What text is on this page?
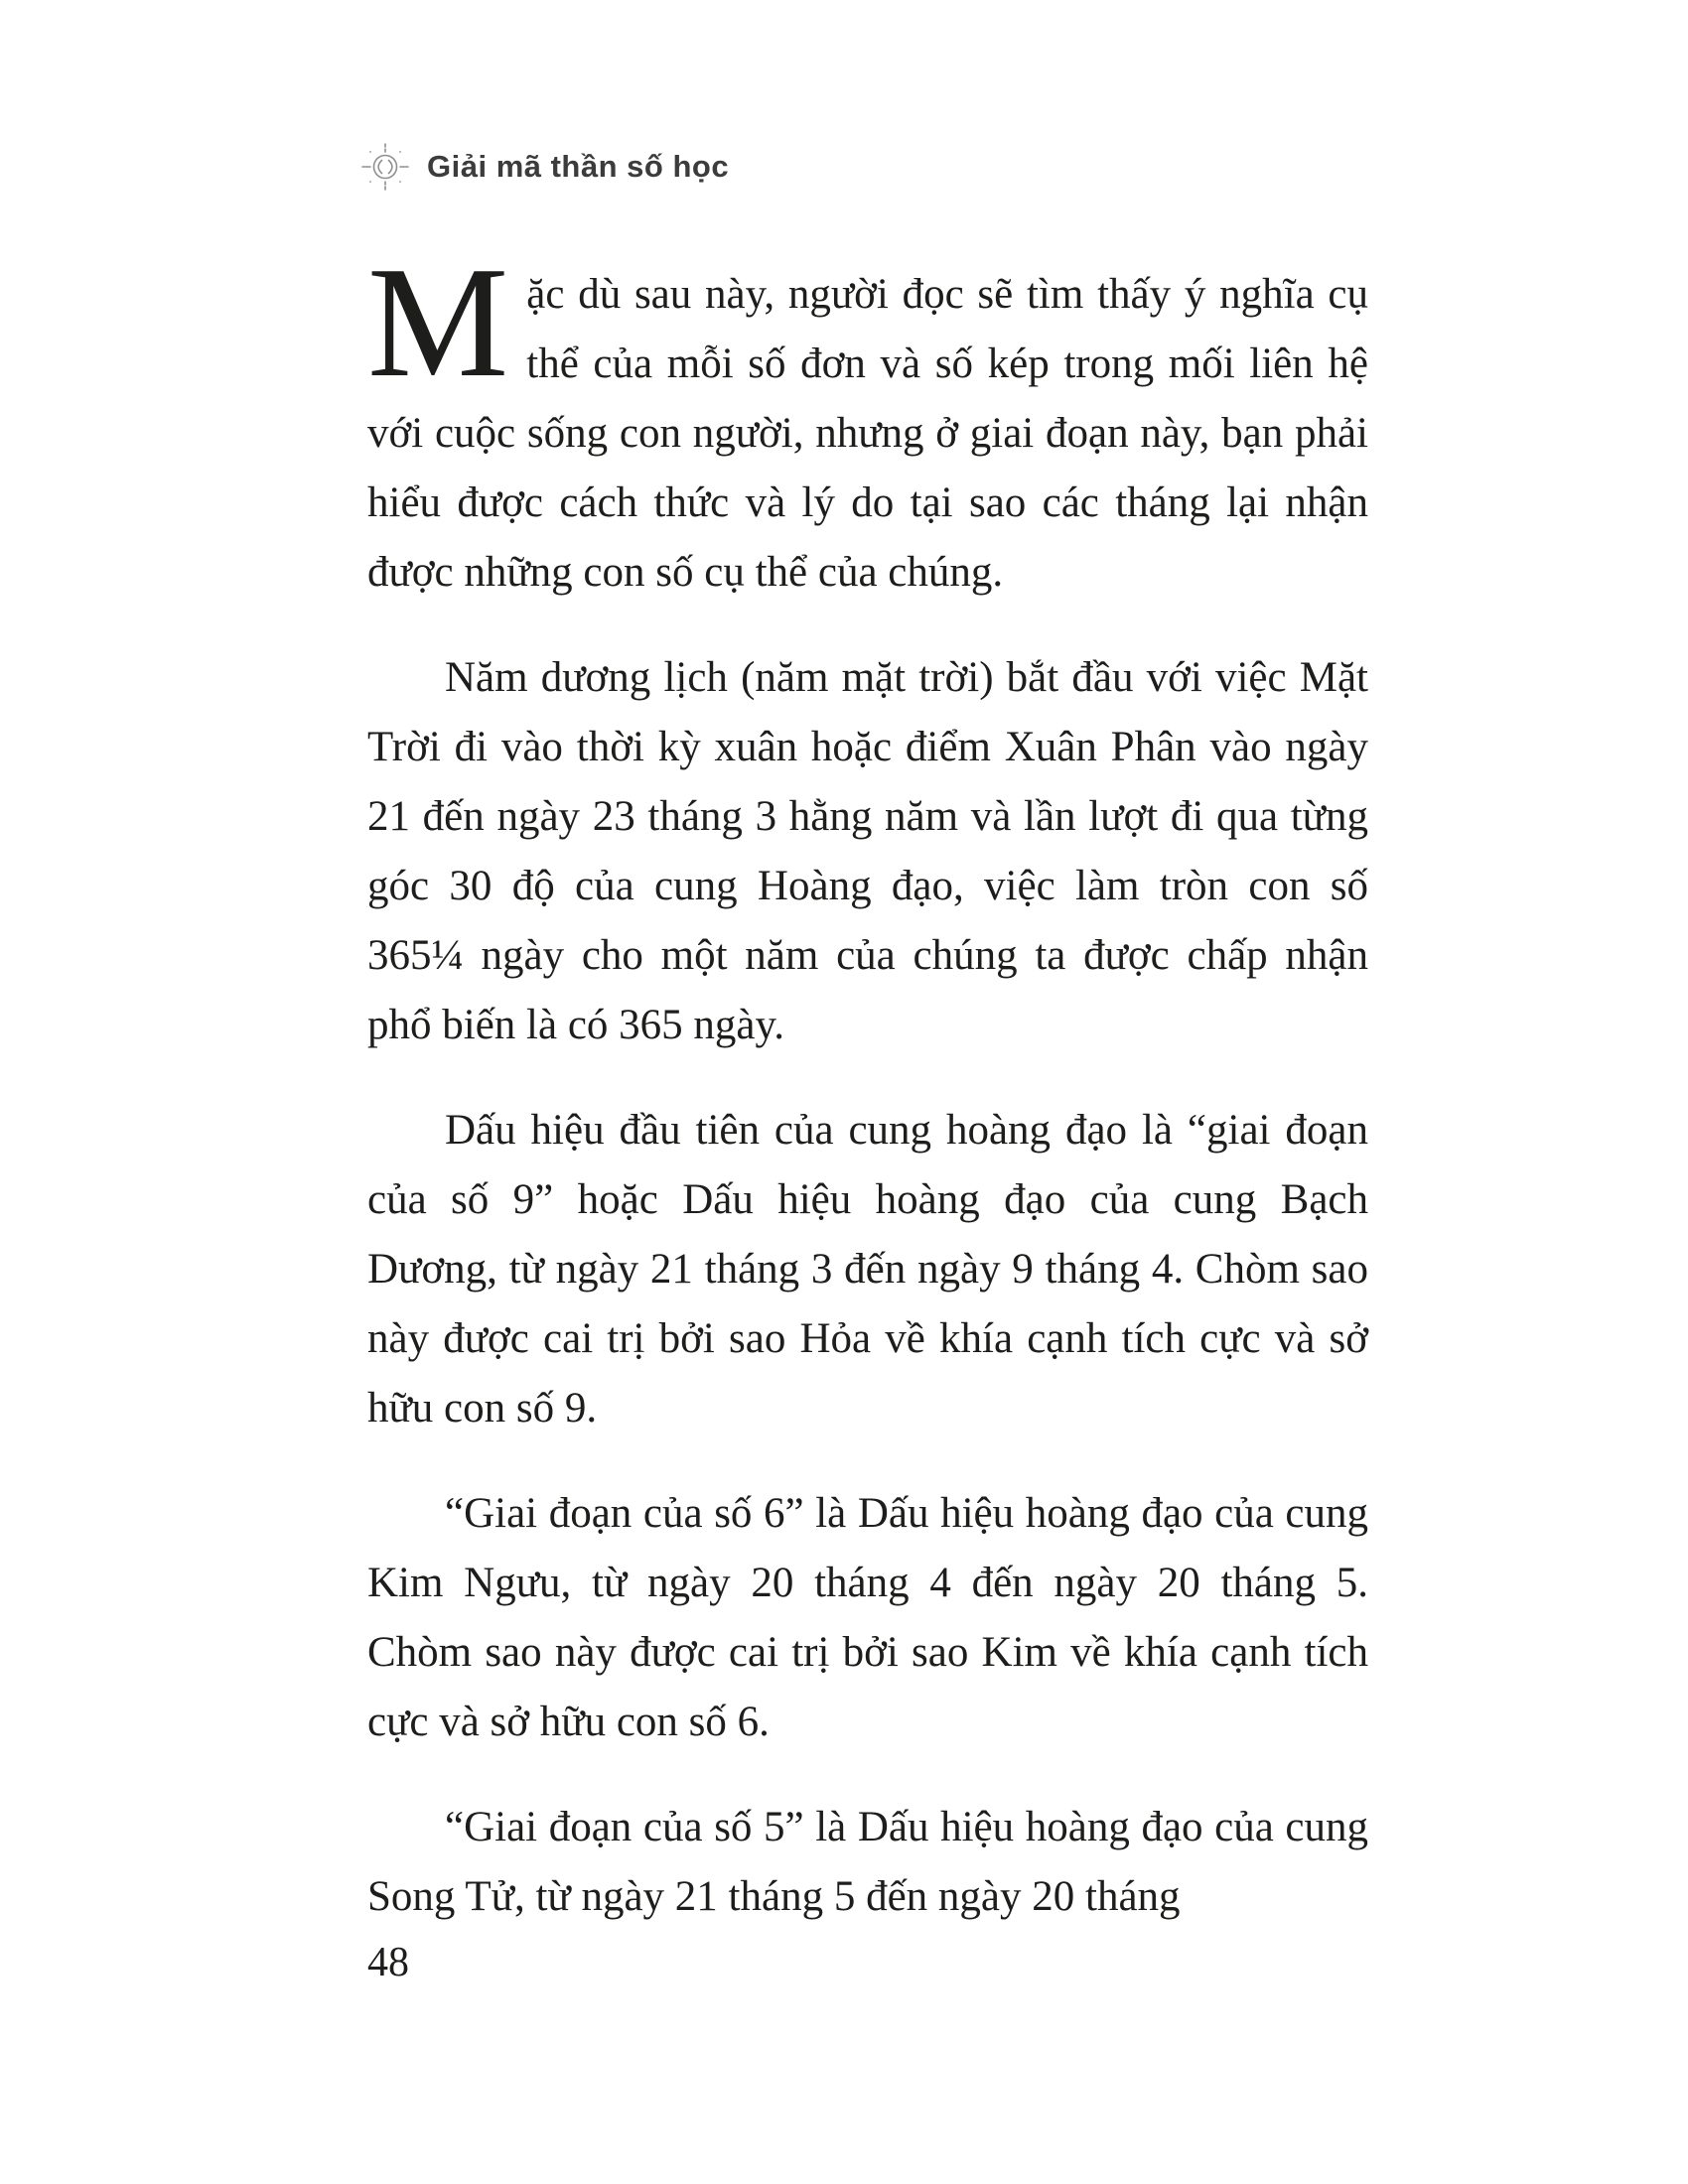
Giải mã thần số học

Mặc dù sau này, người đọc sẽ tìm thấy ý nghĩa cụ thể của mỗi số đơn và số kép trong mối liên hệ với cuộc sống con người, nhưng ở giai đoạn này, bạn phải hiểu được cách thức và lý do tại sao các tháng lại nhận được những con số cụ thể của chúng.

Năm dương lịch (năm mặt trời) bắt đầu với việc Mặt Trời đi vào thời kỳ xuân hoặc điểm Xuân Phân vào ngày 21 đến ngày 23 tháng 3 hằng năm và lần lượt đi qua từng góc 30 độ của cung Hoàng đạo, việc làm tròn con số 365¼ ngày cho một năm của chúng ta được chấp nhận phổ biến là có 365 ngày.

Dấu hiệu đầu tiên của cung hoàng đạo là “giai đoạn của số 9” hoặc Dấu hiệu hoàng đạo của cung Bạch Dương, từ ngày 21 tháng 3 đến ngày 9 tháng 4. Chòm sao này được cai trị bởi sao Hỏa về khía cạnh tích cực và sở hữu con số 9.

“Giai đoạn của số 6” là Dấu hiệu hoàng đạo của cung Kim Ngưu, từ ngày 20 tháng 4 đến ngày 20 tháng 5. Chòm sao này được cai trị bởi sao Kim về khía cạnh tích cực và sở hữu con số 6.

“Giai đoạn của số 5” là Dấu hiệu hoàng đạo của cung Song Tử, từ ngày 21 tháng 5 đến ngày 20 tháng

48
